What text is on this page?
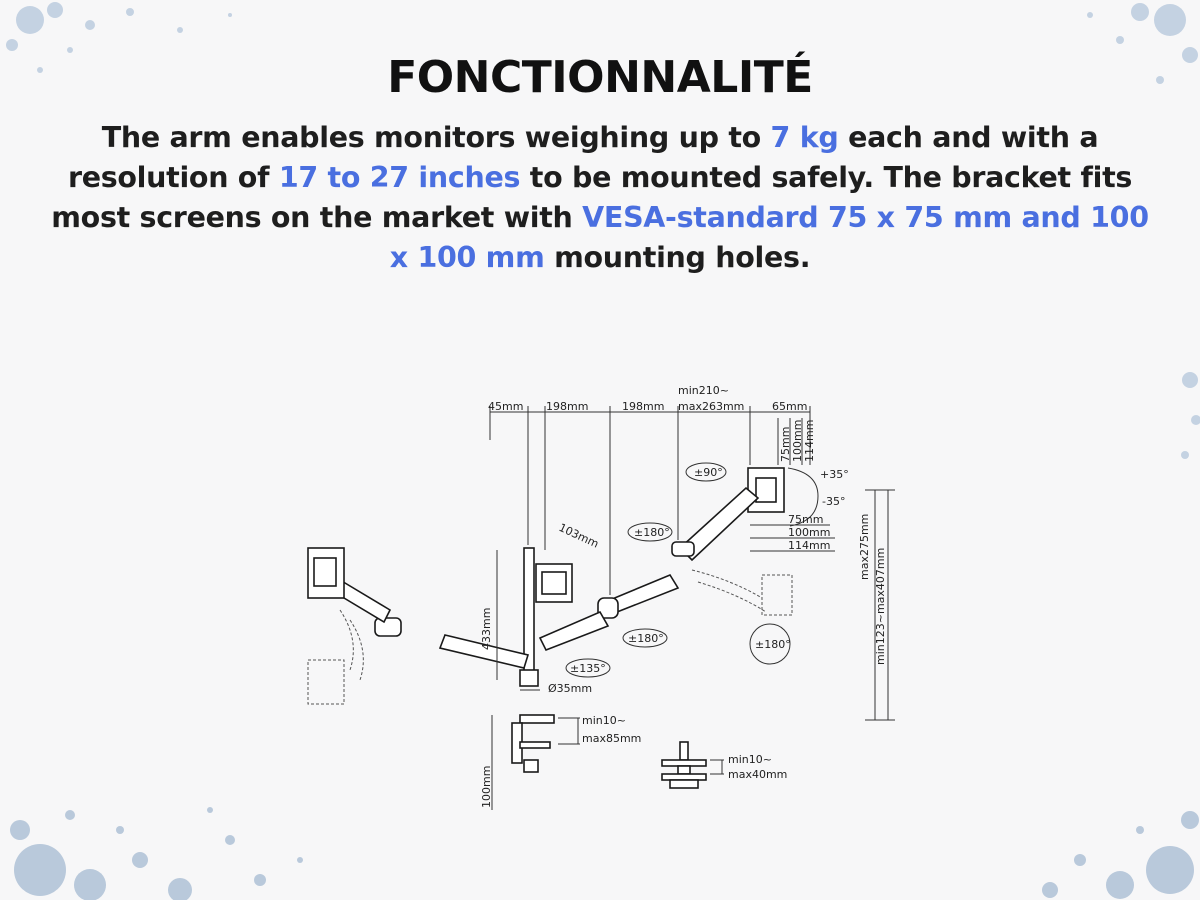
FONCTIONNALITÉ

The arm enables monitors weighing up to 7 kg each and with a resolution of 17 to 27 inches to be mounted safely. The bracket fits most screens on the market with VESA-standard 75 x 75 mm and 100 x 100 mm mounting holes.

45mm 198mm	198mm
min210~
max263mm	65mm
75mm 100mm 114mm
+35°
-35°
75mm
100mm
114mm	max275mm
min123~max407mm
433mm
103mm
±90°
±180°
±180°	±180°
±135°
Ø35mm
min10~
max85mm
100mm
min10~
max40mm
